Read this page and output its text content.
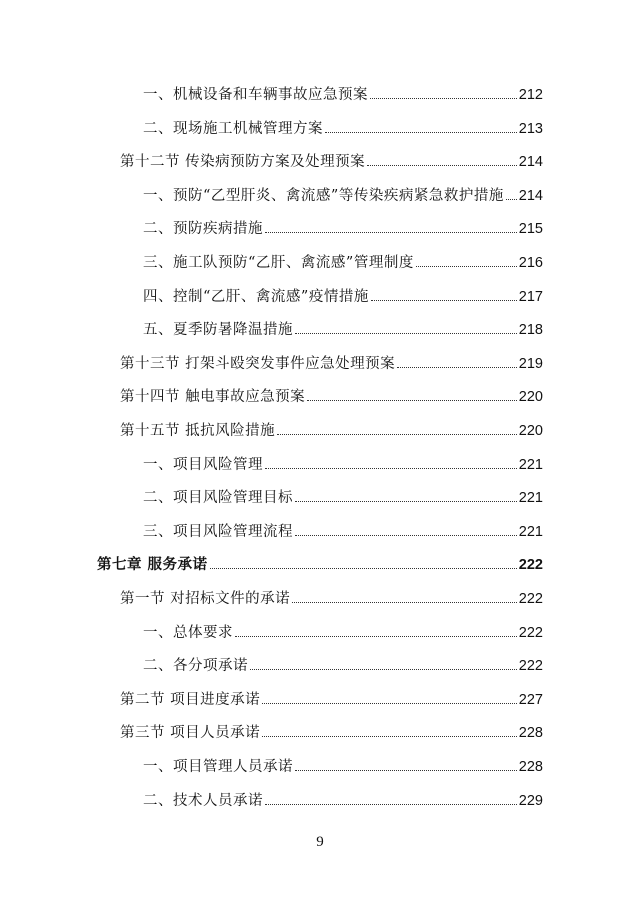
一、机械设备和车辆事故应急预案	212
二、现场施工机械管理方案	213
第十二节 传染病预防方案及处理预案	214
一、预防“乙型肝炎、禽流感”等传染疾病紧急救护措施 214
二、预防疾病措施	215
三、施工队预防“乙肝、禽流感”管理制度	216
四、控制“乙肝、禽流感”疫情措施	217
五、夏季防暑降温措施	218
第十三节 打架斗殴突发事件应急处理预案	219
第十四节 触电事故应急预案	220
第十五节 抵抗风险措施	220
一、项目风险管理	221
二、项目风险管理目标	221
三、项目风险管理流程	221
第七章 服务承诺	222
第一节 对招标文件的承诺	222
一、总体要求	222
二、各分项承诺	222
第二节 项目进度承诺	227
第三节 项目人员承诺	228
一、项目管理人员承诺	228
二、技术人员承诺	229
9
